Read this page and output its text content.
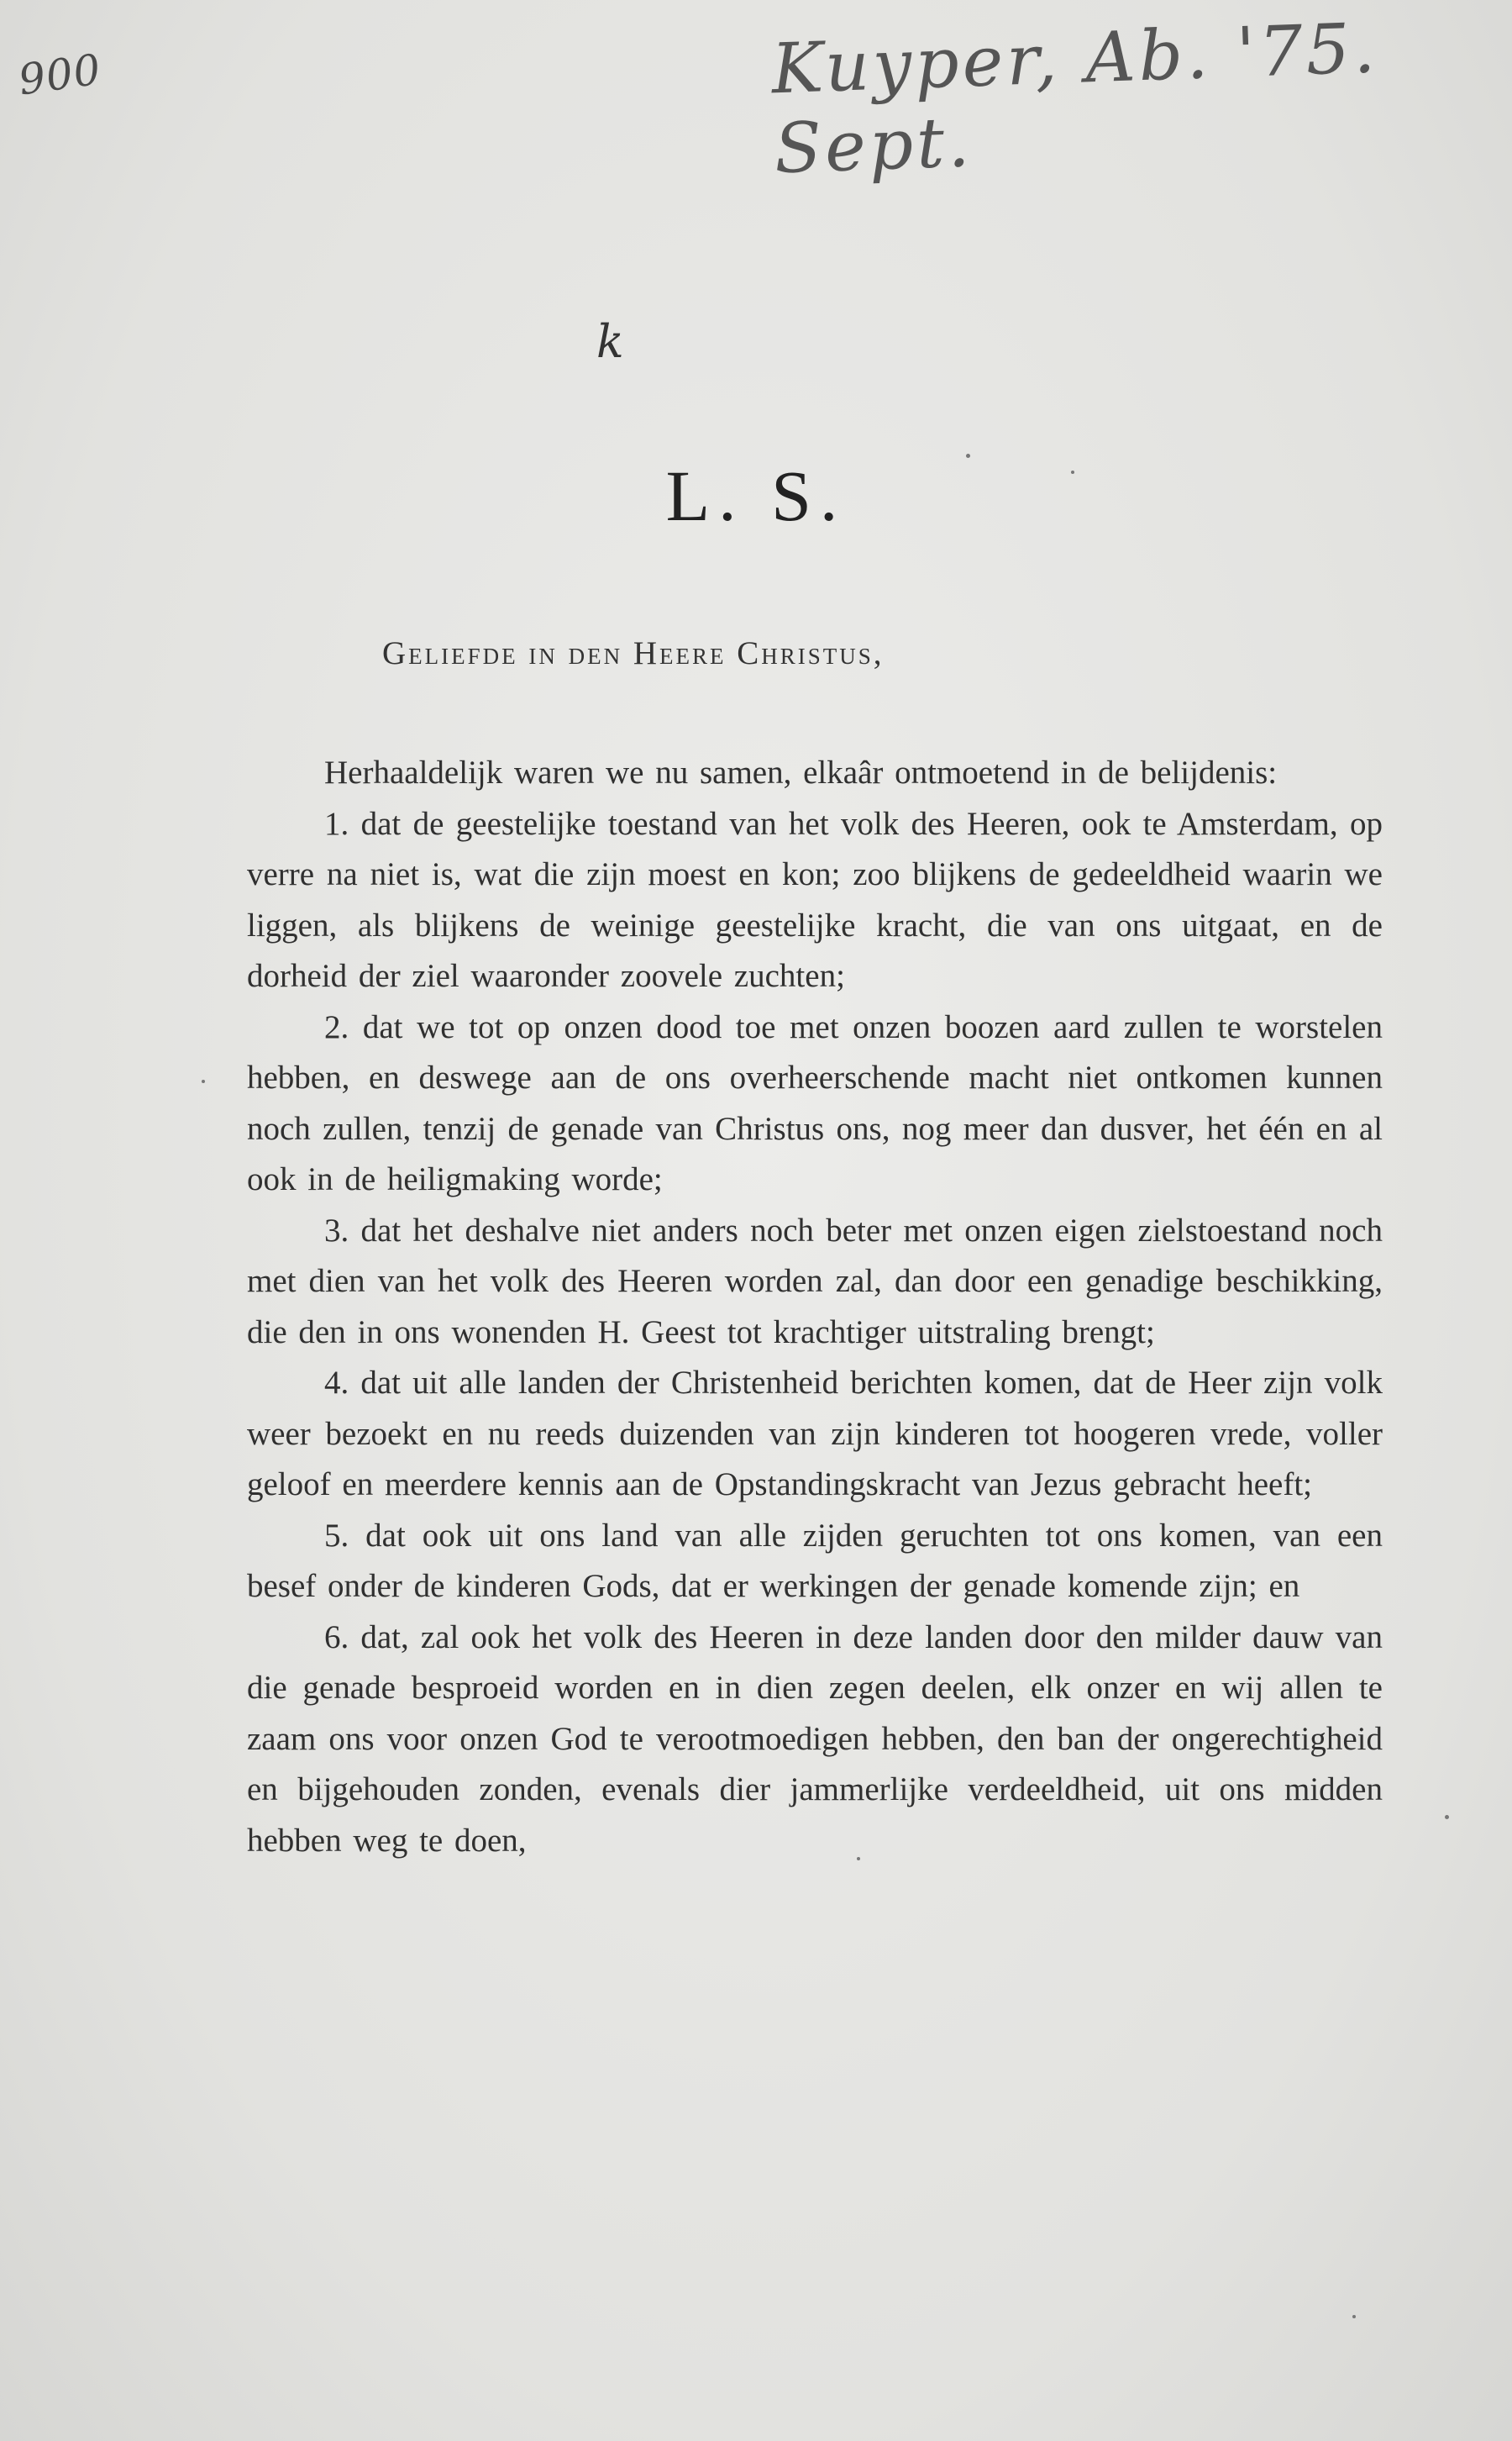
900	Kuyper, Ab. '75. Sept.
k
L. S.
Geliefde in den Heere Christus,

Herhaaldelijk waren we nu samen, elkaâr ontmoetend in de belijdenis:

1. dat de geestelijke toestand van het volk des Heeren, ook te Amsterdam, op verre na niet is, wat die zijn moest en kon; zoo blijkens de gedeeldheid waarin we liggen, als blijkens de weinige geestelijke kracht, die van ons uitgaat, en de dorheid der ziel waaronder zoovele zuchten;

2. dat we tot op onzen dood toe met onzen boozen aard zullen te worstelen hebben, en deswege aan de ons overheerschende macht niet ontkomen kunnen noch zullen, tenzij de genade van Christus ons, nog meer dan dusver, het één en al ook in de heiligmaking worde;

3. dat het deshalve niet anders noch beter met onzen eigen zielstoestand noch met dien van het volk des Heeren worden zal, dan door een genadige beschikking, die den in ons wonenden H. Geest tot krachtiger uitstraling brengt;

4. dat uit alle landen der Christenheid berichten komen, dat de Heer zijn volk weer bezoekt en nu reeds duizenden van zijn kinderen tot hoogeren vrede, voller geloof en meerdere kennis aan de Opstandingskracht van Jezus gebracht heeft;

5. dat ook uit ons land van alle zijden geruchten tot ons komen, van een besef onder de kinderen Gods, dat er werkingen der genade komende zijn; en

6. dat, zal ook het volk des Heeren in deze landen door den milder dauw van die genade besproeid worden en in dien zegen deelen, elk onzer en wij allen te zaam ons voor onzen God te verootmoedigen hebben, den ban der ongerechtigheid en bijgehouden zonden, evenals dier jammerlijke verdeeldheid, uit ons midden hebben weg te doen,
